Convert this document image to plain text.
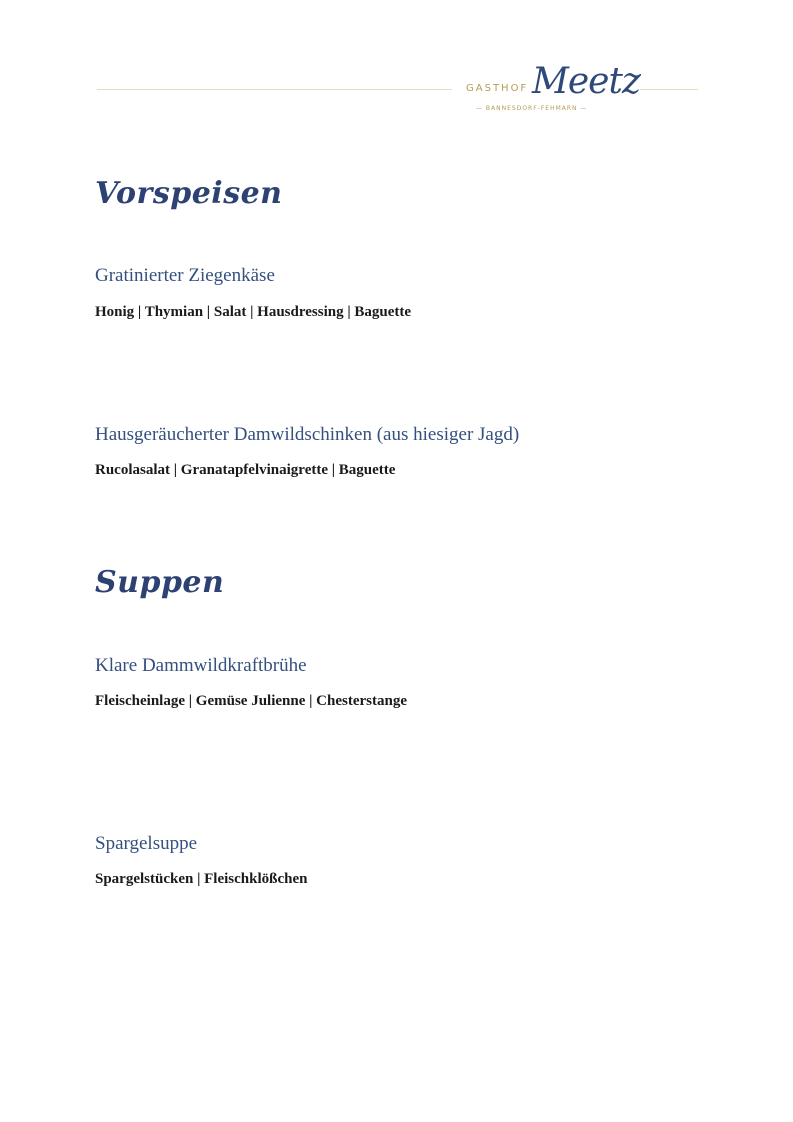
GASTHOF Meetz
— BANNESDORF-FEHMARN —
Vorspeisen
Gratinierter Ziegenkäse

Honig | Thymian | Salat | Hausdressing | Baguette

Hausgeräucherter Damwildschinken (aus hiesiger Jagd)

Rucolasalat | Granatapfelvinaigrette | Baguette

Suppen
Klare Dammwildkraftbrühe

Fleischeinlage | Gemüse Julienne | Chesterstange

Spargelsuppe

Spargelstücken | Fleischklößchen
